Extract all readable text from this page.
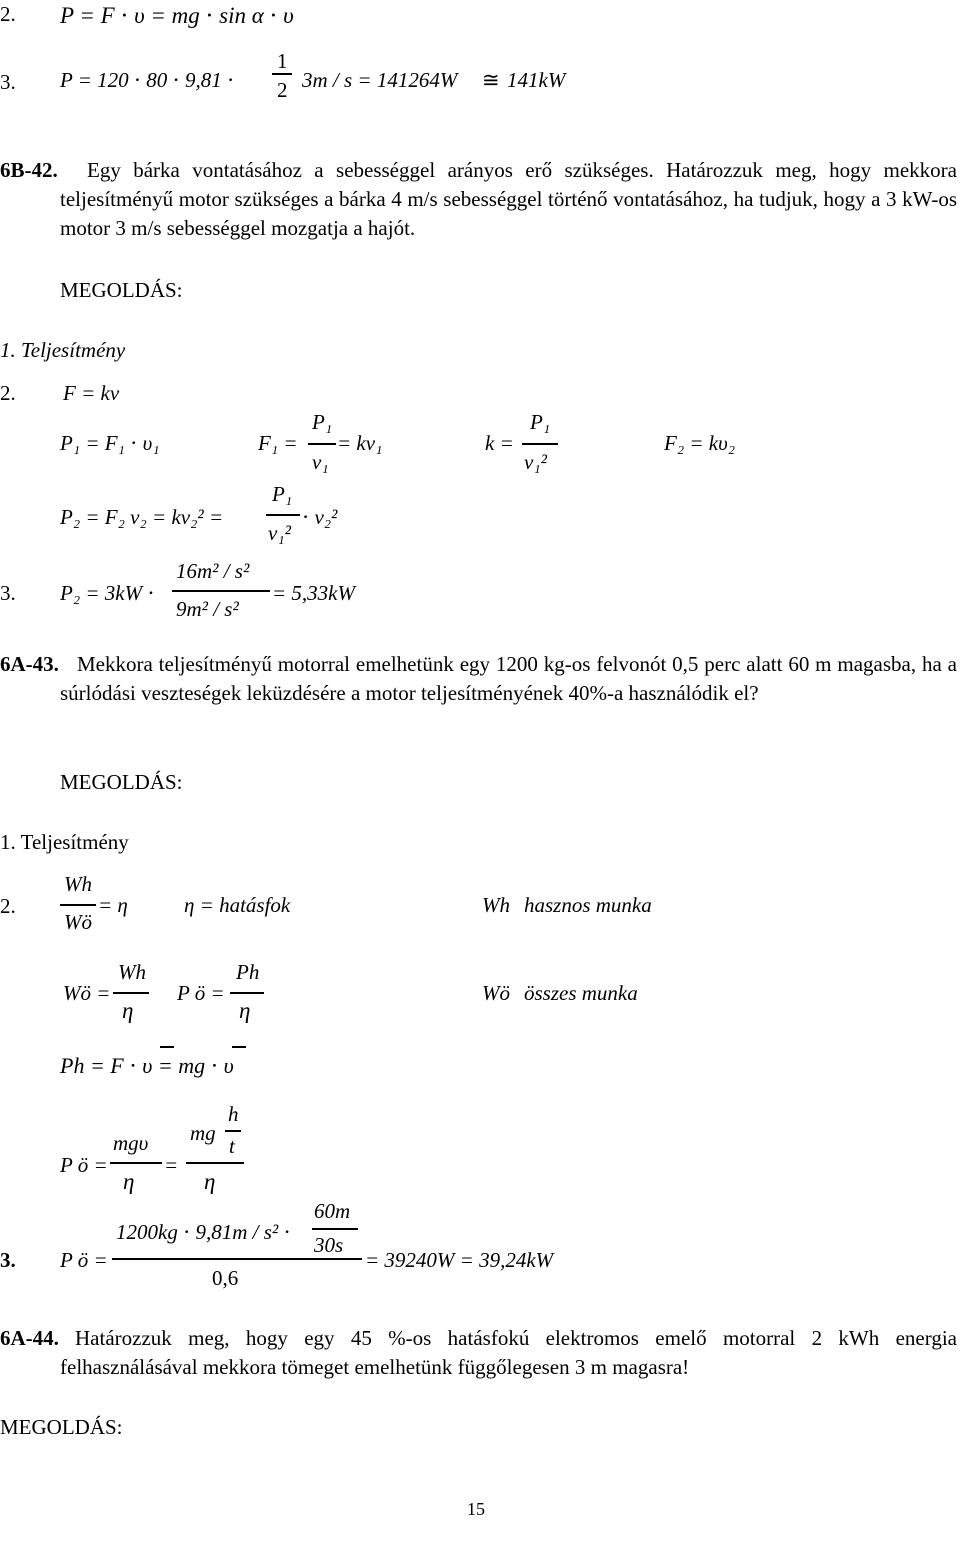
2. P = F ⋅ υ = mg ⋅ sin α ⋅ υ
3. P = 120 ⋅ 80 ⋅ 9,81 ⋅
1
2 3m / s = 141264W ≅ 141kW
6B-42.	Egy bárka vontatásához a sebességgel arányos erő szükséges. Határozzuk meg, hogy mekkora teljesítményű motor szükséges a bárka 4 m/s sebességgel történő vontatásához, ha tudjuk, hogy a 3 kW-os motor 3 m/s sebességgel mozgatja a hajót.
MEGOLDÁS:
1. Teljesítmény
2. F = kv
P₁ = F₁ ⋅ υ₁	F₁ =
P₁
v₁
= kv₁	k =
P₁
v₁²
F₂ = kυ₂
P₂ = F₂ v₂ = kv₂² =
P₁
v₁²
⋅ v₂²
3. P₂ = 3kW ⋅
16m² / s²
9m² / s²
= 5,33kW
6A-43. Mekkora teljesítményű motorral emelhetünk egy 1200 kg-os felvonót 0,5 perc alatt 60 m magasba, ha a súrlódási veszteségek leküzdésére a motor teljesítményének 40%-a használódik el?
MEGOLDÁS:
1. Teljesítmény
2.
Wh
Wö
= η	η = hatásfok	Wh hasznos munka
Wö =
Wh
η
P ö =
Ph
η
Wö összes munka
Ph = F ⋅ υ = mg ⋅ υ
P ö =
mgυ
η
=
mg
h
t
η
3. P ö =
1200kg ⋅ 9,81m / s² ⋅
60m
30s
0,6
= 39240W = 39,24kW
6A-44. Határozzuk meg, hogy egy 45 %-os hatásfokú elektromos emelő motorral 2 kWh energia felhasználásával mekkora tömeget emelhetünk függőlegesen 3 m magasra!
MEGOLDÁS:
15
